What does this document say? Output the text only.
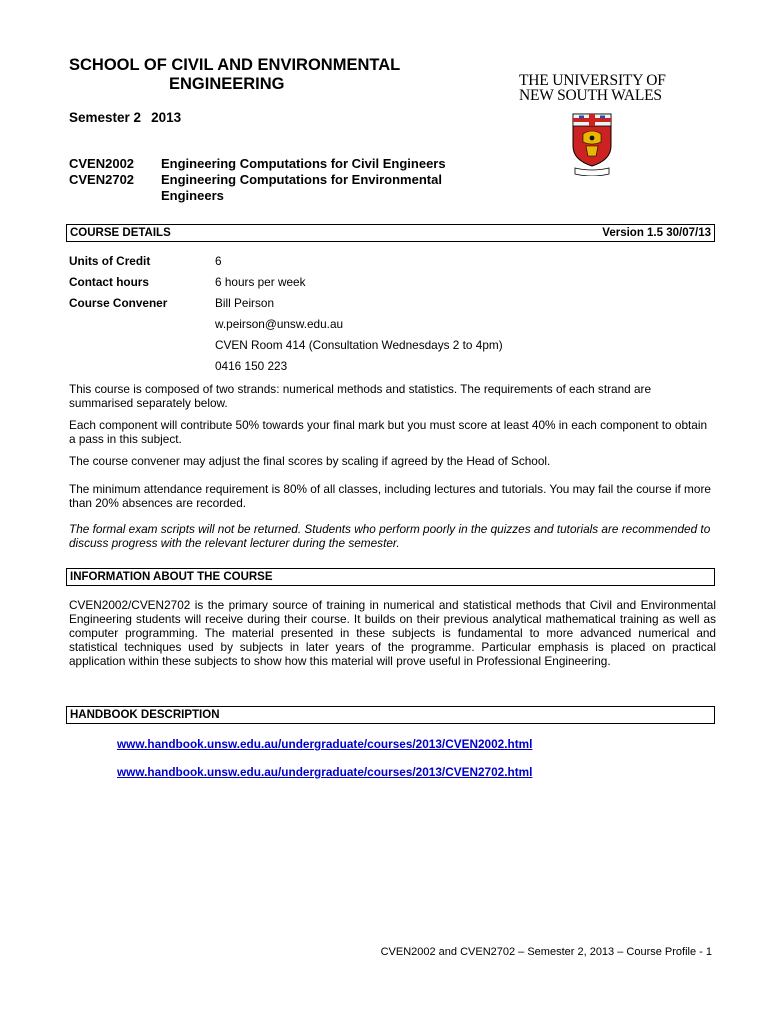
SCHOOL OF CIVIL AND ENVIRONMENTAL
ENGINEERING	THE UNIVERSITY OF
NEW SOUTH WALES
Semester 2 2013
CVEN2002	Engineering Computations for Civil Engineers
CVEN2702	Engineering Computations for Environmental Engineers
COURSE DETAILS	Version 1.5 30/07/13
Units of Credit	6
Contact hours	6 hours per week
Course Convener	Bill Peirson
w.peirson@unsw.edu.au
CVEN Room 414 (Consultation Wednesdays 2 to 4pm)
0416 150 223
This course is composed of two strands: numerical methods and statistics. The requirements of each strand are summarised separately below.
Each component will contribute 50% towards your final mark but you must score at least 40% in each component to obtain a pass in this subject.
The course convener may adjust the final scores by scaling if agreed by the Head of School.
The minimum attendance requirement is 80% of all classes, including lectures and tutorials. You may fail the course if more than 20% absences are recorded.
The formal exam scripts will not be returned. Students who perform poorly in the quizzes and tutorials are recommended to discuss progress with the relevant lecturer during the semester.
INFORMATION ABOUT THE COURSE
CVEN2002/CVEN2702 is the primary source of training in numerical and statistical methods that Civil and Environmental Engineering students will receive during their course. It builds on their previous analytical mathematical training as well as computer programming. The material presented in these subjects is fundamental to more advanced numerical and statistical techniques used by subjects in later years of the programme. Particular emphasis is placed on practical application within these subjects to show how this material will prove useful in Professional Engineering.
HANDBOOK DESCRIPTION
www.handbook.unsw.edu.au/undergraduate/courses/2013/CVEN2002.html
www.handbook.unsw.edu.au/undergraduate/courses/2013/CVEN2702.html
CVEN2002 and CVEN2702 – Semester 2, 2013 – Course Profile - 1
